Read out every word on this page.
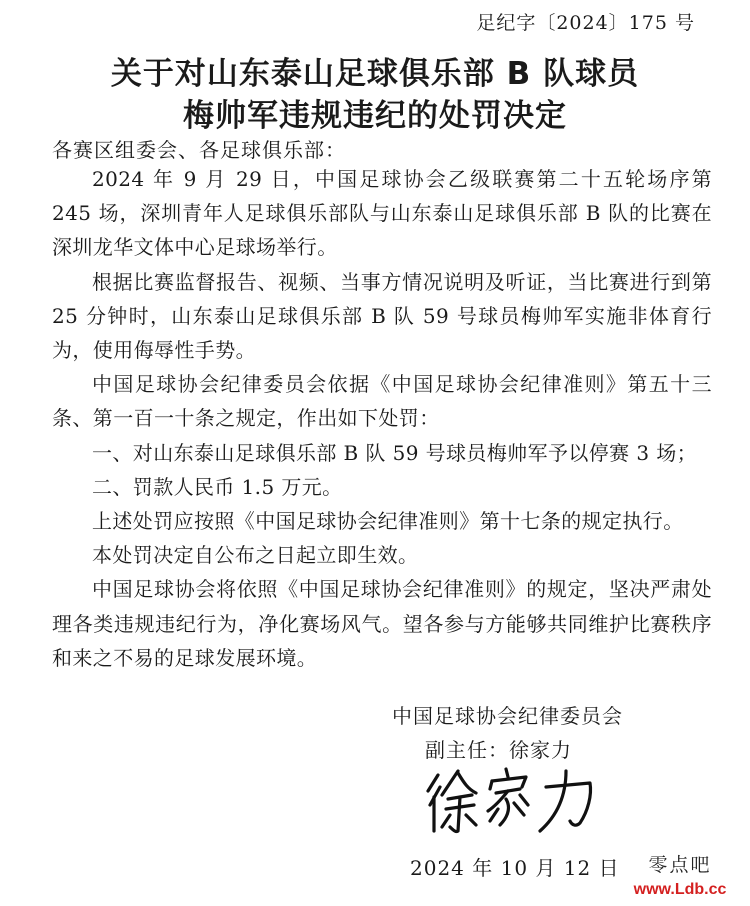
足纪字〔2024〕175 号
关于对山东泰山足球俱乐部 B 队球员
梅帅军违规违纪的处罚决定
各赛区组委会、各足球俱乐部：

2024 年 9 月 29 日，中国足球协会乙级联赛第二十五轮场序第 245 场，深圳青年人足球俱乐部队与山东泰山足球俱乐部 B 队的比赛在深圳龙华文体中心足球场举行。

根据比赛监督报告、视频、当事方情况说明及听证，当比赛进行到第 25 分钟时，山东泰山足球俱乐部 B 队 59 号球员梅帅军实施非体育行为，使用侮辱性手势。

中国足球协会纪律委员会依据《中国足球协会纪律准则》第五十三条、第一百一十条之规定，作出如下处罚：

一、对山东泰山足球俱乐部 B 队 59 号球员梅帅军予以停赛 3 场；

二、罚款人民币 1.5 万元。

上述处罚应按照《中国足球协会纪律准则》第十七条的规定执行。

本处罚决定自公布之日起立即生效。

中国足球协会将依照《中国足球协会纪律准则》的规定，坚决严肃处理各类违规违纪行为，净化赛场风气。望各参与方能够共同维护比赛秩序和来之不易的足球发展环境。

中国足球协会纪律委员会
副主任：徐家力
2024 年 10 月 12 日	零点吧
www.Ldb.cc
